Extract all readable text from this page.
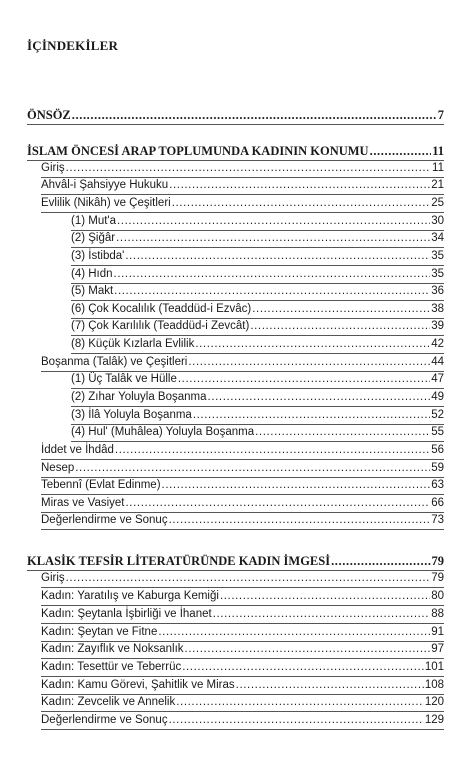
İÇİNDEKİLER
ÖNSÖZ .....	7
İSLAM ÖNCESİ ARAP TOPLUMUNDA KADININ KONUMU .....	11
Giriş .....	11
Ahvâl-i Şahsiyye Hukuku .....	21
Evlilik (Nikâh) ve Çeşitleri .....	25
(1) Mut'a .....	30
(2) Şiğâr .....	34
(3) İstibda' .....	35
(4) Hıdn .....	35
(5) Makt .....	36
(6) Çok Kocalılık (Teaddüd-i Ezvâc) .....	38
(7) Çok Karılılık (Teaddüd-i Zevcât) .....	39
(8) Küçük Kızlarla Evlilik .....	42
Boşanma (Talâk) ve Çeşitleri .....	44
(1) Üç Talâk ve Hülle .....	47
(2) Zıhar Yoluyla Boşanma .....	49
(3) İlâ Yoluyla Boşanma .....	52
(4) Hul' (Muhâlea) Yoluyla Boşanma .....	55
İddet ve İhdâd .....	56
Nesep .....	59
Tebennî (Evlat Edinme) .....	63
Miras ve Vasiyet .....	66
Değerlendirme ve Sonuç .....	73
KLASİK TEFSİR LİTERATÜRÜNDE KADIN İMGESİ .....	79
Giriş .....	79
Kadın: Yaratılış ve Kaburga Kemiği .....	80
Kadın: Şeytanla İşbirliği ve İhanet .....	88
Kadın: Şeytan ve Fitne .....	91
Kadın: Zayıflık ve Noksanlık .....	97
Kadın: Tesettür ve Teberrüc .....	101
Kadın: Kamu Görevi, Şahitlik ve Miras .....	108
Kadın: Zevcelik ve Annelik .....	120
Değerlendirme ve Sonuç .....	129
